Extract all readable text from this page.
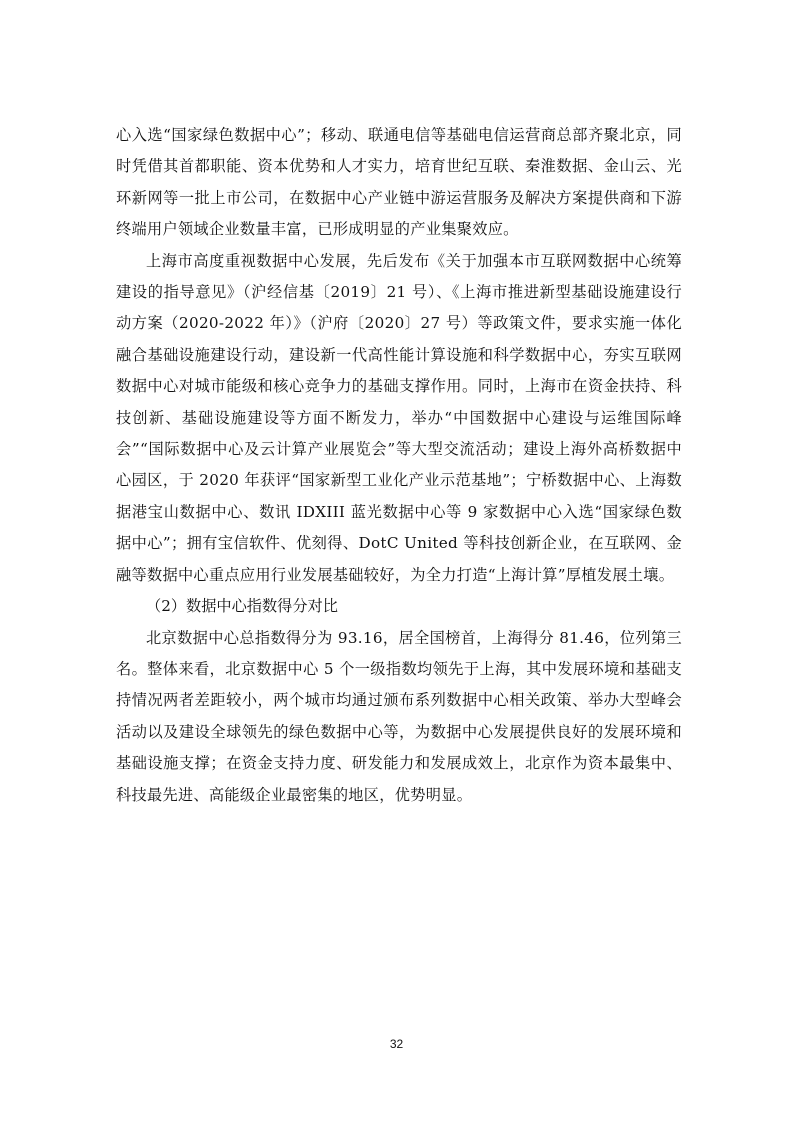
心入选“国家绿色数据中心”；移动、联通电信等基础电信运营商总部齐聚北京，同时凭借其首都职能、资本优势和人才实力，培育世纪互联、秦淮数据、金山云、光环新网等一批上市公司，在数据中心产业链中游运营服务及解决方案提供商和下游终端用户领域企业数量丰富，已形成明显的产业集聚效应。

上海市高度重视数据中心发展，先后发布《关于加强本市互联网数据中心统筹建设的指导意见》（沪经信基〔2019〕21 号）、《上海市推进新型基础设施建设行动方案（2020-2022 年）》（沪府〔2020〕27 号）等政策文件，要求实施一体化融合基础设施建设行动，建设新一代高性能计算设施和科学数据中心，夯实互联网数据中心对城市能级和核心竞争力的基础支撑作用。同时，上海市在资金扶持、科技创新、基础设施建设等方面不断发力，举办“中国数据中心建设与运维国际峰会”“国际数据中心及云计算产业展览会”等大型交流活动；建设上海外高桥数据中心园区，于 2020 年获评“国家新型工业化产业示范基地”；宁桥数据中心、上海数据港宝山数据中心、数讯 IDXIII 蓝光数据中心等 9 家数据中心入选“国家绿色数据中心”；拥有宝信软件、优刻得、DotC United 等科技创新企业，在互联网、金融等数据中心重点应用行业发展基础较好，为全力打造“上海计算”厚植发展土壤。

（2）数据中心指数得分对比

北京数据中心总指数得分为 93.16，居全国榜首，上海得分 81.46，位列第三名。整体来看，北京数据中心 5 个一级指数均领先于上海，其中发展环境和基础支持情况两者差距较小，两个城市均通过颁布系列数据中心相关政策、举办大型峰会活动以及建设全球领先的绿色数据中心等，为数据中心发展提供良好的发展环境和基础设施支撑；在资金支持力度、研发能力和发展成效上，北京作为资本最集中、科技最先进、高能级企业最密集的地区，优势明显。

32
